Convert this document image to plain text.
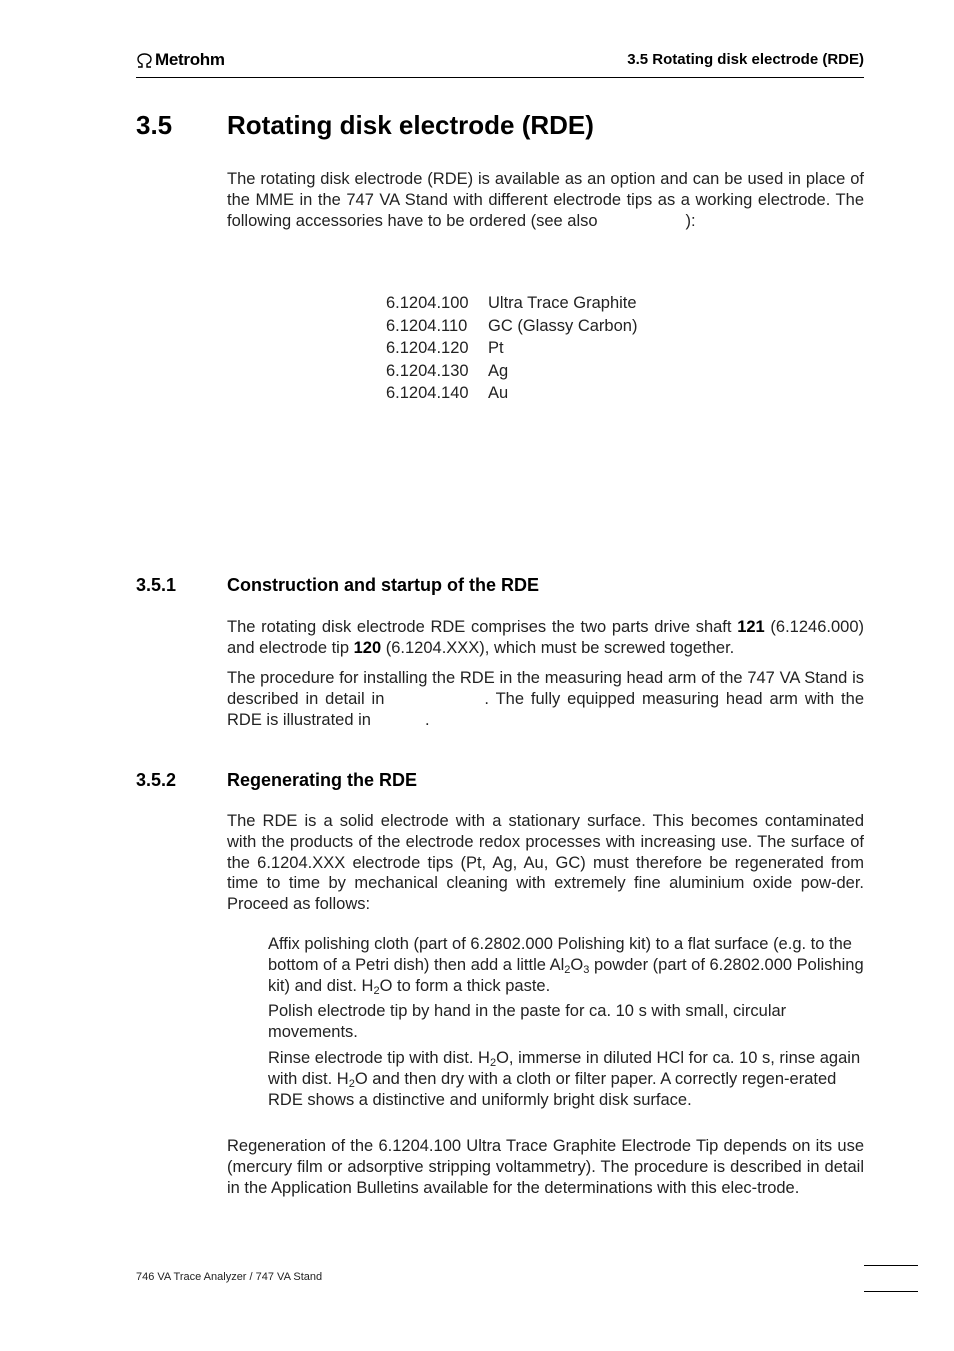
Metrohm	3.5 Rotating disk electrode (RDE)
3.5 Rotating disk electrode (RDE)
The rotating disk electrode (RDE) is available as an option and can be used in place of the MME in the 747 VA Stand with different electrode tips as a working electrode. The following accessories have to be ordered (see also	):
6.1204.100	Ultra Trace Graphite
6.1204.110	GC (Glassy Carbon)
6.1204.120	Pt
6.1204.130	Ag
6.1204.140	Au
3.5.1	Construction and startup of the RDE
The rotating disk electrode RDE comprises the two parts drive shaft 121 (6.1246.000) and electrode tip 120 (6.1204.XXX), which must be screwed together.
The procedure for installing the RDE in the measuring head arm of the 747 VA Stand is described in detail in	. The fully equipped measuring head arm with the RDE is illustrated in	.
3.5.2	Regenerating the RDE
The RDE is a solid electrode with a stationary surface. This becomes contaminated with the products of the electrode redox processes with increasing use. The surface of the 6.1204.XXX electrode tips (Pt, Ag, Au, GC) must therefore be regenerated from time to time by mechanical cleaning with extremely fine aluminium oxide pow-der. Proceed as follows:
Affix polishing cloth (part of 6.2802.000 Polishing kit) to a flat surface (e.g. to the bottom of a Petri dish) then add a little $Al_2O_3$ powder (part of 6.2802.000 Polishing kit) and dist. $H_2O$ to form a thick paste.
Polish electrode tip by hand in the paste for ca. 10 s with small, circular movements.
Rinse electrode tip with dist. $H_2O$, immerse in diluted HCl for ca. 10 s, rinse again with dist. $H_2O$ and then dry with a cloth or filter paper. A correctly regen-erated RDE shows a distinctive and uniformly bright disk surface.
Regeneration of the 6.1204.100 Ultra Trace Graphite Electrode Tip depends on its use (mercury film or adsorptive stripping voltammetry). The procedure is described in detail in the Application Bulletins available for the determinations with this elec-trode.
746 VA Trace Analyzer / 747 VA Stand
